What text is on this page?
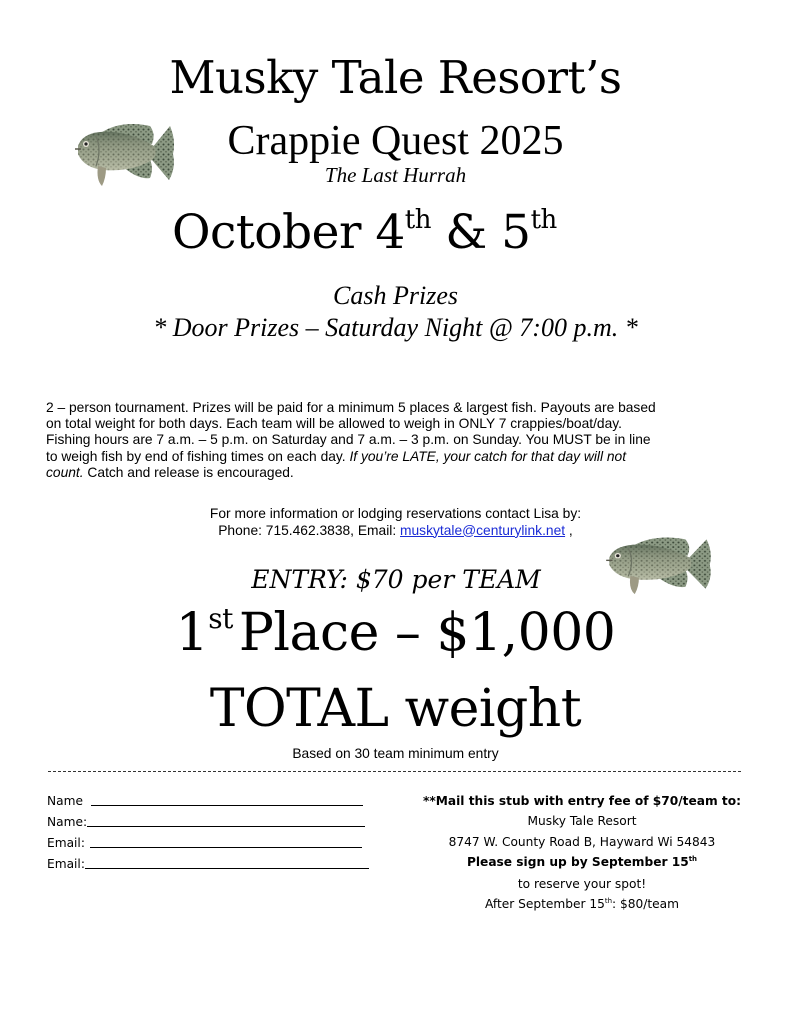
Musky Tale Resort’s
Crappie Quest 2025
The Last Hurrah
October 4th & 5th
Cash Prizes
* Door Prizes – Saturday Night @ 7:00 p.m. *

2 – person tournament. Prizes will be paid for a minimum 5 places & largest fish. Payouts are based

on total weight for both days. Each team will be allowed to weigh in ONLY 7 crappies/boat/day.

Fishing hours are 7 a.m. – 5 p.m. on Saturday and 7 a.m. – 3 p.m. on Sunday. You MUST be in line

to weigh fish by end of fishing times on each day. If you’re LATE, your catch for that day will not

count. Catch and release is encouraged.

For more information or lodging reservations contact Lisa by:
Phone: 715.462.3838, Email: muskytale@centurylink.net ,
ENTRY: $70 per TEAM
1st Place – $1,000
TOTAL weight
Based on 30 team minimum entry
Name
Name:
Email:
Email:

**Mail this stub with entry fee of $70/team to:

Musky Tale Resort

8747 W. County Road B, Hayward Wi 54843

Please sign up by September 15th

to reserve your spot!

After September 15th: $80/team
